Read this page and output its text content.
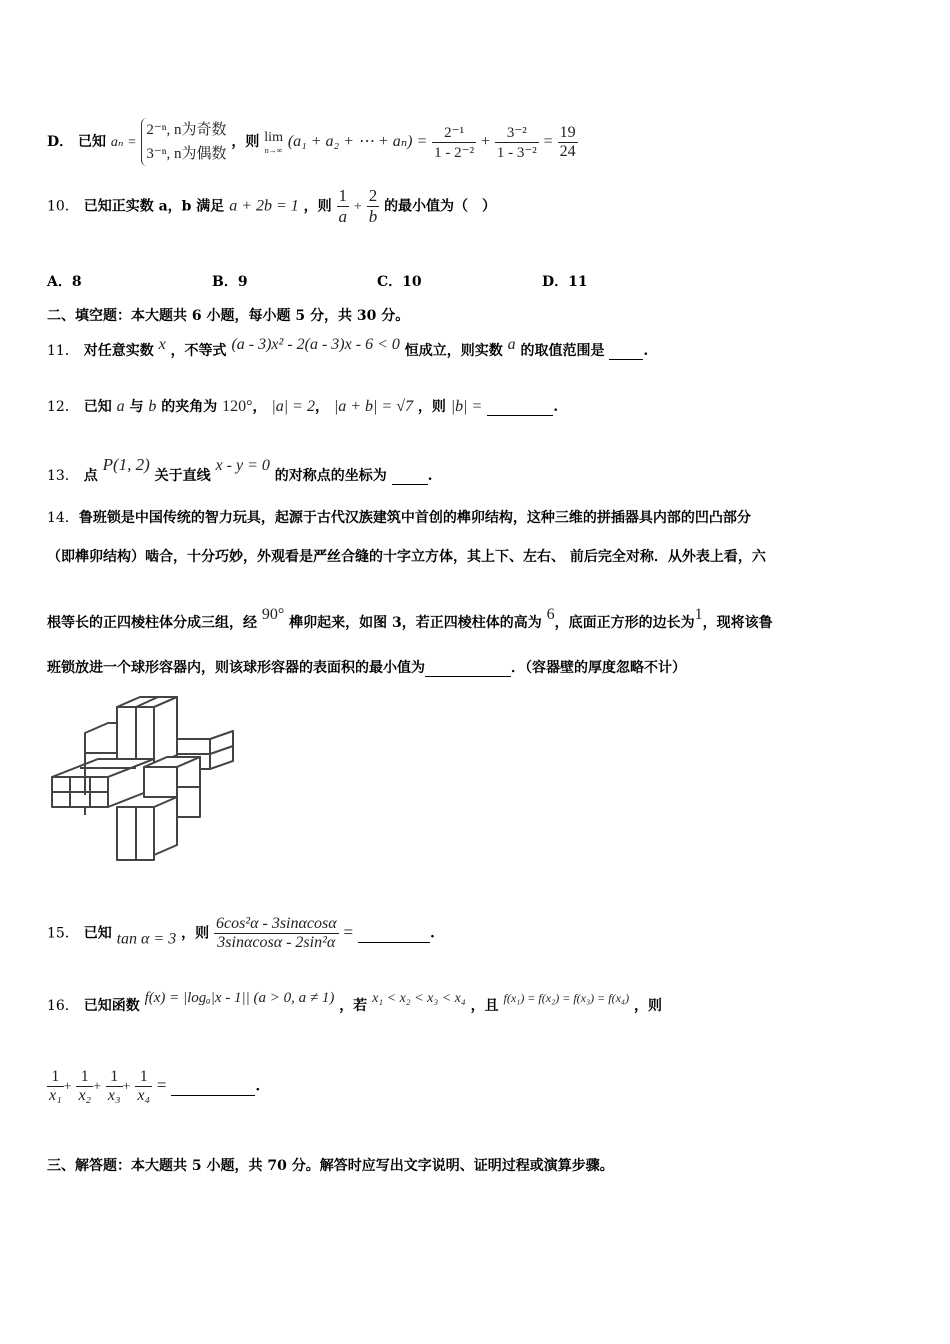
D． 已知 aₙ =
2⁻ⁿ, n为奇数
3⁻ⁿ, n为偶数
，则 lim
n→∞ (a₁ + a₂ + ⋯ + $a_n) = \frac{\text{2⁻¹}}{\text{1 - 2⁻²}} + \frac{\text{3⁻²}}{\text{1 - 3⁻²}} = \frac{19}{24}$
10． 已知正实数 a，b 满足 a + 2b = 1 ，则 $\frac{1}{a} + \frac{2}{b}$ 的最小值为（　）
A．8	B．9	C．10	D．11
二、填空题：本大题共 6 小题，每小题 5 分，共 30 分。
11． 对任意实数 x ，不等式 (a - 3)x² - 2(a - 3)x - 6 < 0 恒成立，则实数 a 的取值范围是	.
12． 已知 a 与 b 的夹角为 120°， |a| = 2， |a + b| = √7 ，则 |b| =	.
13． 点 P(1, 2) 关于直线 x - y = 0 的对称点的坐标为	.
14．鲁班锁是中国传统的智力玩具，起源于古代汉族建筑中首创的榫卯结构，这种三维的拼插器具内部的凹凸部分
（即榫卯结构）啮合，十分巧妙，外观看是严丝合缝的十字立方体，其上下、左右、 前后完全对称．从外表上看，六
根等长的正四棱柱体分成三组，经 90° 榫卯起来，如图 3，若正四棱柱体的高为 6，底面正方形的边长为1，现将该鲁
班锁放进一个球形容器内，则该球形容器的表面积的最小值为	．（容器壁的厚度忽略不计）
15． 已知 tan α = 3 ，则 $\frac{\text{6cos²α - 3sinαcosα}}{\text{3sinαcosα - 2sin²α}}$ =	.
16． 已知函数 f(x) = |logₐ|x - 1|| (a > 0, a ≠ 1) ，若 x₁ < x₂ < x₃ < x₄ ，且 f(x₁) = f(x₂) = f(x₃) = f(x₄) ，则
$\frac{1}{\text{x₁}} + \frac{1}{\text{x₂}} + \frac{1}{\text{x₃}} + \frac{1}{\text{x₄}}$ =	.
三、解答题：本大题共 5 小题，共 70 分。解答时应写出文字说明、证明过程或演算步骤。
